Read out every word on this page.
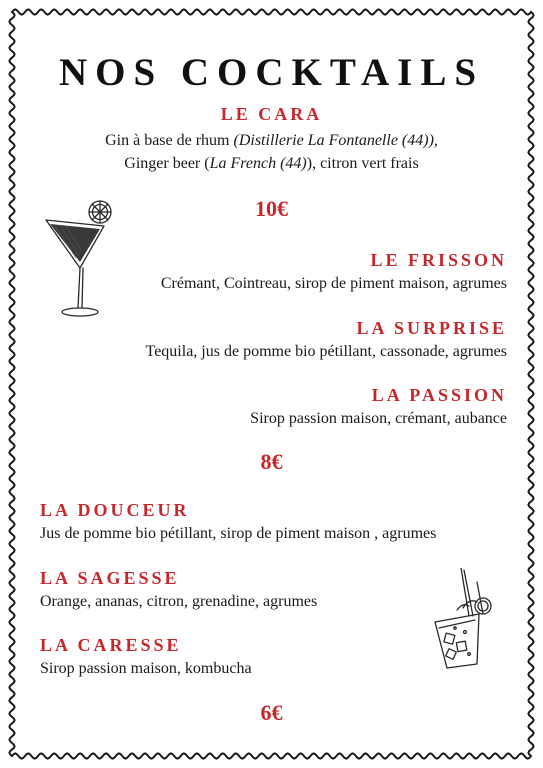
NOS COCKTAILS
LE CARA
Gin à base de rhum (Distillerie La Fontanelle (44)),
Ginger beer (La French (44)), citron vert frais
10€
LE FRISSON
Crémant, Cointreau, sirop de piment maison, agrumes
LA SURPRISE
Tequila, jus de pomme bio pétillant, cassonade, agrumes
LA PASSION
Sirop passion maison, crémant, aubance
8€
LA DOUCEUR
Jus de pomme bio pétillant, sirop de piment maison , agrumes
LA SAGESSE
Orange, ananas, citron, grenadine, agrumes
LA CARESSE
Sirop passion maison, kombucha
6€
